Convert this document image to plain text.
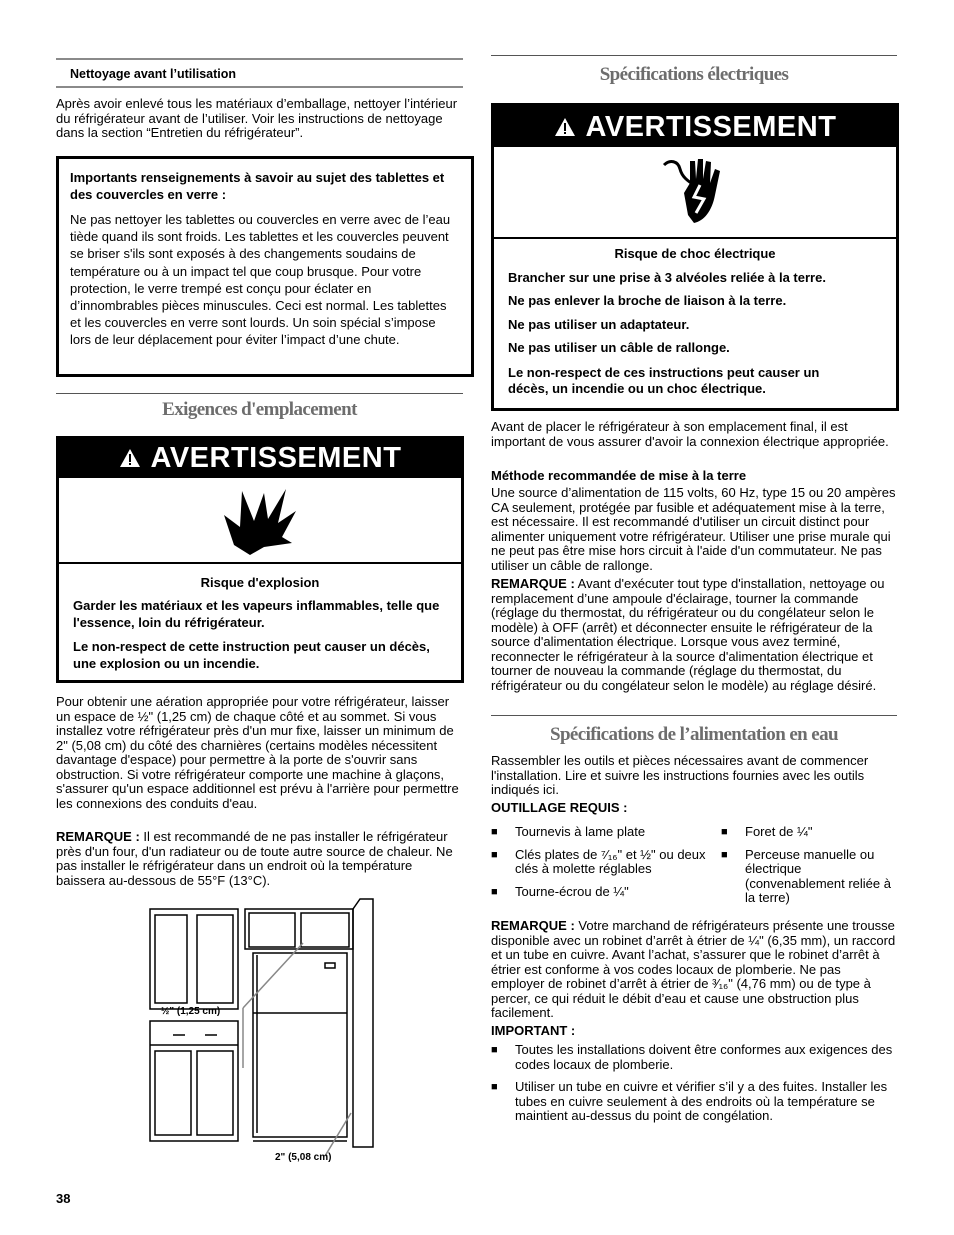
Nettoyage avant l’utilisation

Après avoir enlevé tous les matériaux d’emballage, nettoyer l’intérieur du réfrigérateur avant de l’utiliser. Voir les instructions de nettoyage dans la section “Entretien du réfrigérateur”.

Importants renseignements à savoir au sujet des tablettes et des couvercles en verre :

Ne pas nettoyer les tablettes ou couvercles en verre avec de l’eau tiède quand ils sont froids. Les tablettes et les couvercles peuvent se briser s'ils sont exposés à des changements soudains de température ou à un impact tel que coup brusque. Pour votre protection, le verre trempé est conçu pour éclater en d’innombrables pièces minuscules. Ceci est normal. Les tablettes et les couvercles en verre sont lourds. Un soin spécial s’impose lors de leur déplacement pour éviter l’impact d’une chute.

Exigences d'emplacement

AVERTISSEMENT

Risque d'explosion

Garder les matériaux et les vapeurs inflammables, telle que l'essence, loin du réfrigérateur.

Le non-respect de cette instruction peut causer un décès, une explosion ou un incendie.

Pour obtenir une aération appropriée pour votre réfrigérateur, laisser un espace de ½" (1,25 cm) de chaque côté et au sommet. Si vous installez votre réfrigérateur près d'un mur fixe, laisser un minimum de 2" (5,08 cm) du côté des charnières (certains modèles nécessitent davantage d'espace) pour permettre à la porte de s'ouvrir sans obstruction. Si votre réfrigérateur comporte une machine à glaçons, s'assurer qu'un espace additionnel est prévu à l'arrière pour permettre les connexions des conduits d'eau.

REMARQUE : Il est recommandé de ne pas installer le réfrigérateur près d'un four, d'un radiateur ou de toute autre source de chaleur. Ne pas installer le réfrigérateur dans un endroit où la température baissera au-dessous de 55°F (13°C).

½" (1,25 cm)
2" (5,08 cm)

38

Spécifications électriques

AVERTISSEMENT

Risque de choc électrique

Brancher sur une prise à 3 alvéoles reliée à la terre.

Ne pas enlever la broche de liaison à la terre.

Ne pas utiliser un adaptateur.

Ne pas utiliser un câble de rallonge.

Le non-respect de ces instructions peut causer un décès, un incendie ou un choc électrique.

Avant de placer le réfrigérateur à son emplacement final, il est important de vous assurer d'avoir la connexion électrique appropriée.

Méthode recommandée de mise à la terre

Une source d’alimentation de 115 volts, 60 Hz, type 15 ou 20 ampères CA seulement, protégée par fusible et adéquatement mise à la terre, est nécessaire. Il est recommandé d'utiliser un circuit distinct pour alimenter uniquement votre réfrigérateur. Utiliser une prise murale qui ne peut pas être mise hors circuit à l'aide d'un commutateur. Ne pas utiliser un câble de rallonge.

REMARQUE : Avant d'exécuter tout type d'installation, nettoyage ou remplacement d’une ampoule d'éclairage, tourner la commande (réglage du thermostat, du réfrigérateur ou du congélateur selon le modèle) à OFF (arrêt) et déconnecter ensuite le réfrigérateur de la source d'alimentation électrique. Lorsque vous avez terminé, reconnecter le réfrigérateur à la source d'alimentation électrique et tourner de nouveau la commande (réglage du thermostat, du réfrigérateur ou du congélateur selon le modèle) au réglage désiré.

Spécifications de l’alimentation en eau

Rassembler les outils et pièces nécessaires avant de commencer l'installation. Lire et suivre les instructions fournies avec les outils indiqués ici.

OUTILLAGE REQUIS :

■ Tournevis à lame plate
■ Clés plates de ⁷⁄₁₆" et ½" ou deux clés à molette réglables
■ Tourne-écrou de ¼"
■ Foret de ¼"
■ Perceuse manuelle ou électrique (convenablement reliée à la terre)

REMARQUE : Votre marchand de réfrigérateurs présente une trousse disponible avec un robinet d’arrêt à étrier de ¼" (6,35 mm), un raccord et un tube en cuivre. Avant l’achat, s’assurer que le robinet d’arrêt à étrier est conforme à vos codes locaux de plomberie. Ne pas employer de robinet d’arrêt à étrier de ³⁄₁₆" (4,76 mm) ou de type à percer, ce qui réduit le débit d’eau et cause une obstruction plus facilement.

IMPORTANT :

■ Toutes les installations doivent être conformes aux exigences des codes locaux de plomberie.
■ Utiliser un tube en cuivre et vérifier s’il y a des fuites. Installer les tubes en cuivre seulement à des endroits où la température se maintient au-dessus du point de congélation.
